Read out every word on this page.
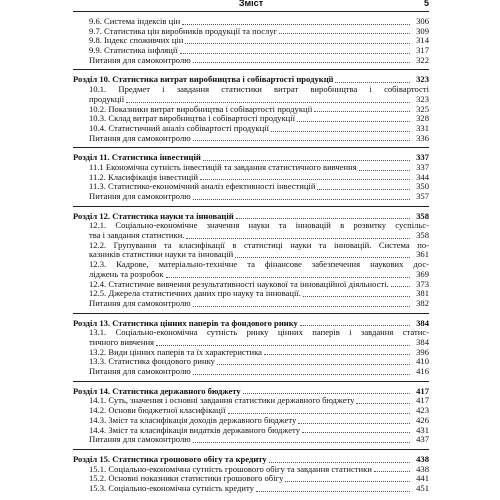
Зміст	5
9.6. Система індексів цін	306
9.7. Статистика цін виробників продукції та послуг	309
9.8. Індекс споживчих цін	314
9.9. Статистика інфляції	317
Питання для самоконтролю	322
Розділ 10. Статистика витрат виробництва і собівартості продукції	323
10.1. Предмет і завдання статистики витрат виробництва і собівартості
продукції	323
10.2. Показники витрат виробництва і собівартості продукції	325
10.3. Склад витрат виробництва і собівартості продукції	328
10.4. Статистичний аналіз собівартості продукції	331
Питання для самоконтролю	336
Розділ 11. Статистика інвестицій	337
11.1 Економічна сутність інвестицій та завдання статистичного вивчення	337
11.2. Класифікація інвестицій	344
11.3. Статистико-економічний аналіз ефективності інвестицій	350
Питання для самоконтролю	357
Розділ 12. Статистика науки та інновацій	358
12.1. Соціально-економічне значення науки та інновацій в розвитку суспільс-
тва і завдання статистики.	358
12.2. Групування та класифікації в статистиці науки та інновацій. Система по-
казників статистики науки та інновацій	361
12.3. Кадрове, матеріально-технічне та фінансове забезпечення наукових дос-
ліджень та розробок	369
12.4. Статистичне вивчення результативності наукової та інноваційної діяльності.	373
12.5. Джерела статистичних даних про науку та інновації.	381
Питання для самоконтролю	382
Розділ 13. Статистика цінних паперів та фондового ринку	384
13.1. Соціально-економічна сутність ринку цінних паперів і завдання статис-
тичного вивчення	384
13.2. Види цінних паперів та їх характеристика	396
13.3. Статистика фондового ринку	410
Питання для самоконтролю	416
Розділ 14. Статистика державного бюджету	417
14.1. Суть, значення і основні завдання статистики державного бюджету	417
14.2. Основи бюджетної класифікації	423
14.3. Зміст та класифікація доходів державного бюджету	426
14.4. Зміст та класифікація видатків державного бюджету	431
Питання для самоконтролю	437
Розділ 15. Статистика грошового обігу та кредиту	438
15.1. Соціально-економічна сутність грошового обігу та завдання статистики	438
15.2. Основні показники статистики грошового обігу	441
15.3. Соціально-економічна сутність кредиту	451
